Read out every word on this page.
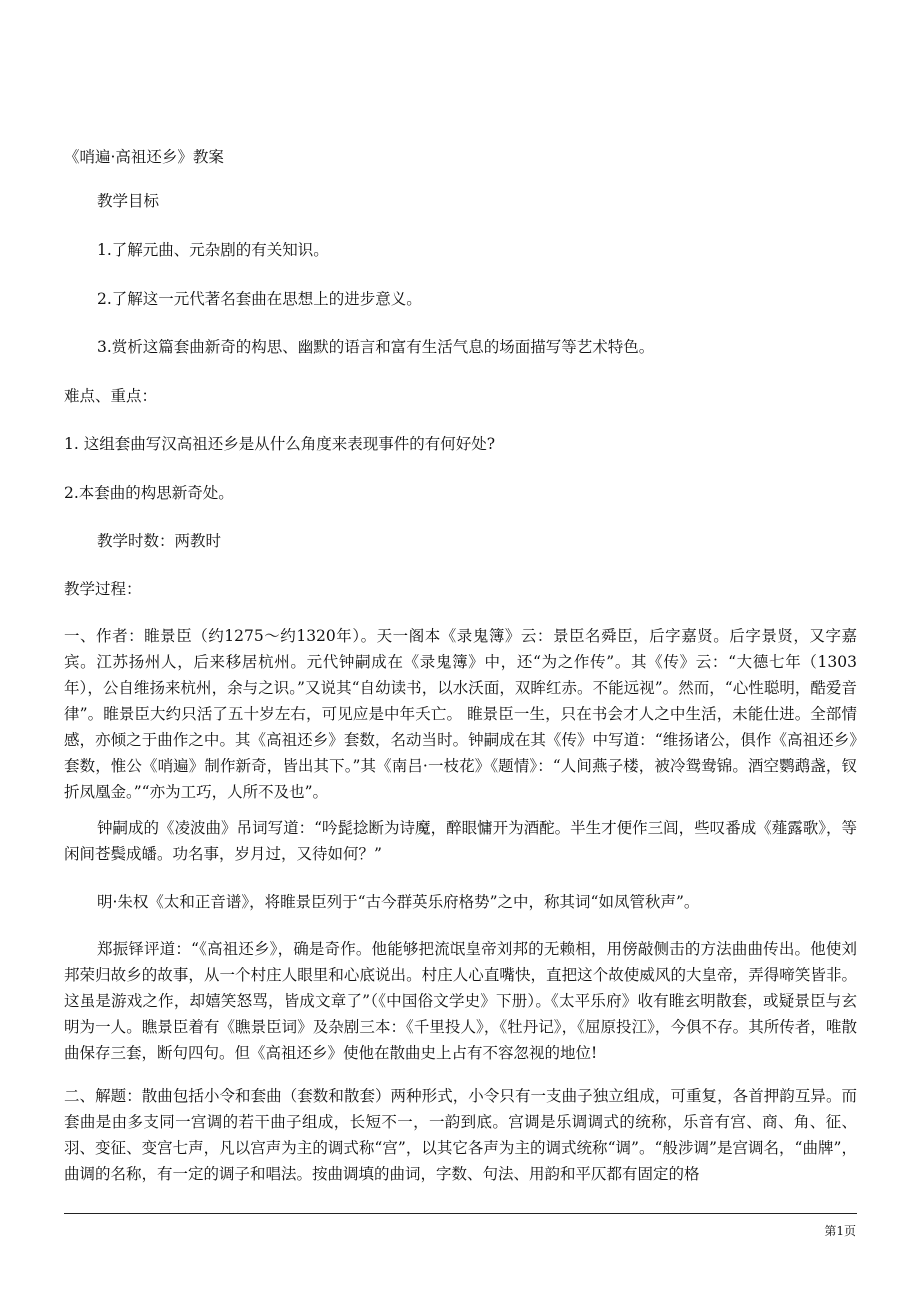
《哨遍·高祖还乡》教案

教学目标

1.了解元曲、元杂剧的有关知识。

2.了解这一元代著名套曲在思想上的进步意义。

3.赏析这篇套曲新奇的构思、幽默的语言和富有生活气息的场面描写等艺术特色。

难点、重点：

1. 这组套曲写汉高祖还乡是从什么角度来表现事件的有何好处?

2.本套曲的构思新奇处。

教学时数：两教时

教学过程：

一、作者：睢景臣（约1275～约1320年）。天一阁本《录鬼簿》云：景臣名舜臣，后字嘉贤。后字景贤，又字嘉宾。江苏扬州人，后来移居杭州。元代钟嗣成在《录鬼簿》中，还“为之作传”。其《传》云：“大德七年（1303年），公自维扬来杭州，余与之识。”又说其“自幼读书，以水沃面，双眸红赤。不能远视”。然而，“心性聪明，酷爱音律”。睢景臣大约只活了五十岁左右，可见应是中年夭亡。 睢景臣一生，只在书会才人之中生活，未能仕进。全部情感，亦倾之于曲作之中。其《高祖还乡》套数，名动当时。钟嗣成在其《传》中写道：“维扬诸公，俱作《高祖还乡》套数，惟公《哨遍》制作新奇，皆出其下。”其《南吕·一枝花》《题情》：“人间燕子楼，被冷鸳鸯锦。酒空鹦鹉盏，钗折凤凰金。”“亦为工巧，人所不及也”。

钟嗣成的《凌波曲》吊词写道：“吟髭捻断为诗魔，醉眼慵开为酒酡。半生才便作三闾，些叹番成《薤露歌》，等闲间苍鬓成皤。功名事，岁月过，又待如何？”

明·朱权《太和正音谱》，将睢景臣列于“古今群英乐府格势”之中，称其词“如凤管秋声”。

郑振铎评道：“《高祖还乡》，确是奇作。他能够把流氓皇帝刘邦的无赖相，用傍敲侧击的方法曲曲传出。他使刘邦荣归故乡的故事，从一个村庄人眼里和心底说出。村庄人心直嘴快，直把这个故使威风的大皇帝，弄得啼笑皆非。这虽是游戏之作，却嬉笑怒骂，皆成文章了”（《中国俗文学史》下册）。《太平乐府》收有睢玄明散套，或疑景臣与玄明为一人。瞧景臣着有《瞧景臣词》及杂剧三本：《千里投人》，《牡丹记》，《屈原投江》，今俱不存。其所传者，唯散曲保存三套，断句四句。但《高祖还乡》使他在散曲史上占有不容忽视的地位!

二、解题：散曲包括小令和套曲（套数和散套）两种形式，小令只有一支曲子独立组成，可重复，各首押韵互异。而套曲是由多支同一宫调的若干曲子组成，长短不一，一韵到底。宫调是乐调调式的统称，乐音有宫、商、角、征、羽、变征、变宫七声，凡以宫声为主的调式称“宫”，以其它各声为主的调式统称“调”。“般涉调”是宫调名，“曲牌”，曲调的名称，有一定的调子和唱法。按曲调填的曲词，字数、句法、用韵和平仄都有固定的格

第1页
